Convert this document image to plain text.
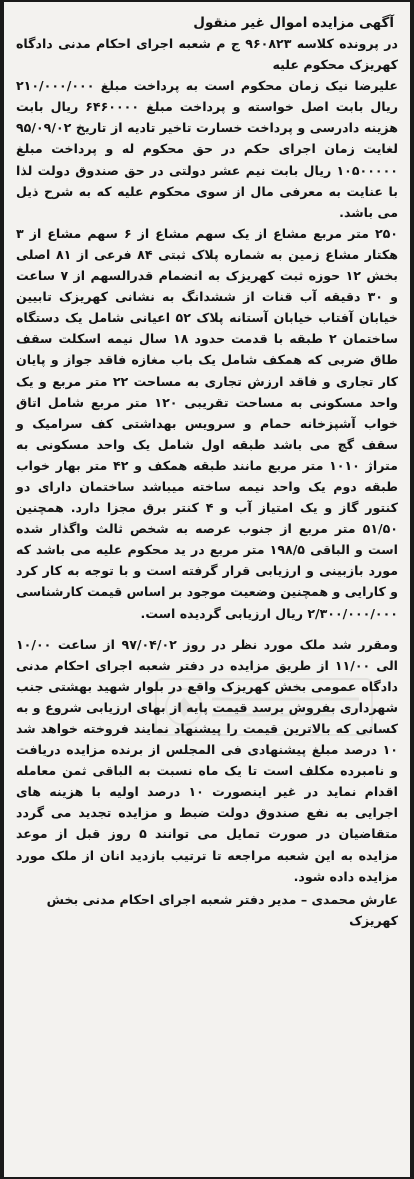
آگهی مزایده اموال غیر منقول

در پرونده کلاسه ۹۶۰۸۲۳ ج م شعبه اجرای احکام مدنی دادگاه کهریزک محکوم علیه

علیرضا نیک زمان محکوم است به پرداخت مبلغ ۲۱۰/۰۰۰/۰۰۰ ریال بابت اصل خواسته و پرداخت مبلغ ۶۴۶۰۰۰۰ ریال بابت هزینه دادرسی و پرداخت خسارت تاخیر تادیه از تاریخ ۹۵/۰۹/۰۲ لغایت زمان اجرای حکم در حق محکوم له و پرداخت مبلغ ۱۰۵۰۰۰۰۰ ریال بابت نیم عشر دولتی در حق صندوق دولت لذا با عنایت به معرفی مال از سوی محکوم علیه که به شرح ذیل می باشد.

۲۵۰ متر مربع مشاع از یک سهم مشاع از ۶ سهم مشاع از ۳ هکتار مشاع زمین به شماره پلاک ثبتی ۸۴ فرعی از ۸۱ اصلی بخش ۱۲ حوزه ثبت کهریزک به انضمام قدرالسهم از ۷ ساعت و ۳۰ دقیقه آب قنات از ششدانگ به نشانی کهریزک تابیین خیابان آفتاب خیابان آستانه پلاک ۵۲ اعیانی شامل یک دستگاه ساختمان ۲ طبقه با قدمت حدود ۱۸ سال نیمه اسکلت سقف طاق ضربی که همکف شامل یک باب مغازه فاقد جواز و پایان کار تجاری و فاقد ارزش تجاری به مساحت ۲۲ متر مربع و یک واحد مسکونی به مساحت تقریبی ۱۲۰ متر مربع شامل اتاق خواب آشپزخانه حمام و سرویس بهداشتی کف سرامیک و سقف گچ می باشد طبقه اول شامل یک واحد مسکونی به متراژ ۱۰۱۰ متر مربع مانند طبقه همکف و ۴۲ متر بهار خواب طبقه دوم یک واحد نیمه ساخته میباشد ساختمان دارای دو کنتور گاز و یک امتیاز آب و ۴ کنتر برق مجزا دارد. همچنین ۵۱/۵۰ متر مربع از جنوب عرصه به شخص ثالث واگذار شده است و الباقی ۱۹۸/۵ متر مربع در ید محکوم علیه می باشد که مورد بازبینی و ارزیابی قرار گرفته است و با توجه به کار کرد و کارایی و همچنین وضعیت موجود بر اساس قیمت کارشناسی ۲/۳۰۰/۰۰۰/۰۰۰ ریال ارزیابی گردیده است.

ومقرر شد ملک مورد نظر در روز ۹۷/۰۴/۰۲ از ساعت ۱۰/۰۰ الی ۱۱/۰۰ از طریق مزایده در دفتر شعبه اجرای احکام مدنی دادگاه عمومی بخش کهریزک واقع در بلوار شهید بهشتی جنب شهرداری بفروش برسد قیمت پایه از بهای ارزیابی شروع و به کسانی که بالاترین قیمت را پیشنهاد نمایند فروخته خواهد شد ۱۰ درصد مبلغ پیشنهادی فی المجلس از برنده مزایده دریافت و نامبرده مکلف است تا یک ماه نسبت به الباقی ثمن معامله اقدام نماید در غیر اینصورت ۱۰ درصد اولیه با هزینه های اجرایی به نفع صندوق دولت ضبط و مزایده تجدید می گردد متقاضیان در صورت تمایل می توانند ۵ روز قبل از موعد مزایده به این شعبه مراجعه تا ترتیب بازدید انان از ملک مورد مزایده داده شود.

عارش محمدی – مدیر دفتر شعبه اجرای احکام مدنی بخش کهریزک
